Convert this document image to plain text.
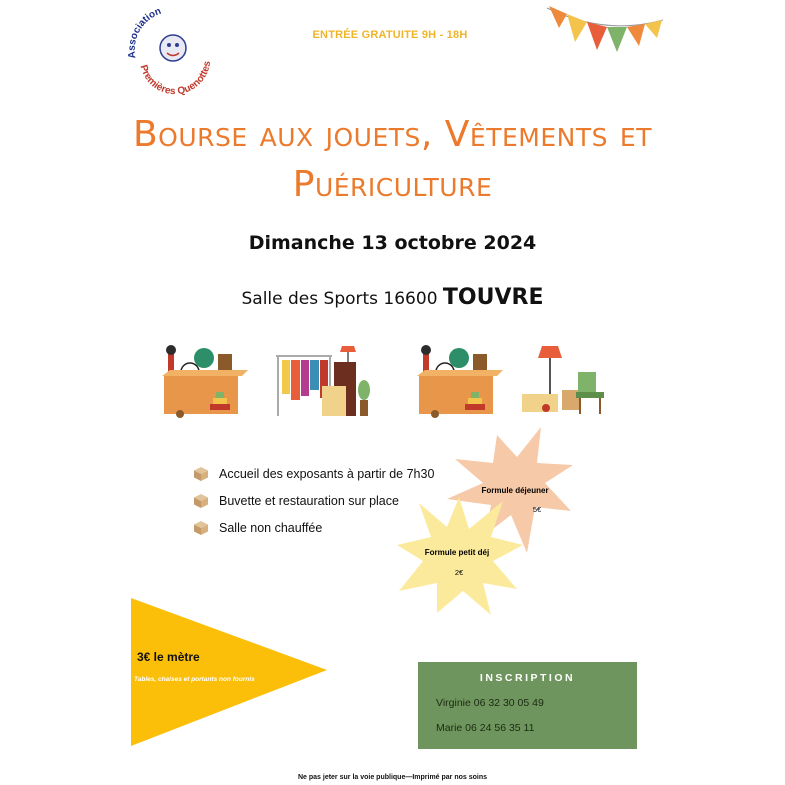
Association
Premières Quenottes
ENTRÉE GRATUITE 9H - 18H
Bourse aux jouets, Vêtements et Puériculture
Dimanche 13 octobre 2024
Salle des Sports 16600 TOUVRE
Accueil des exposants à partir de 7h30
Buvette et restauration sur place
Salle non chauffée
Formule déjeuner
5€
Formule petit déj
2€
3€ le mètre
Tables, chaises et portants non fournis	INSCRIPTION
Virginie 06 32 30 05 49
Marie 06 24 56 35 11
Ne pas jeter sur la voie publique—Imprimé par nos soins
